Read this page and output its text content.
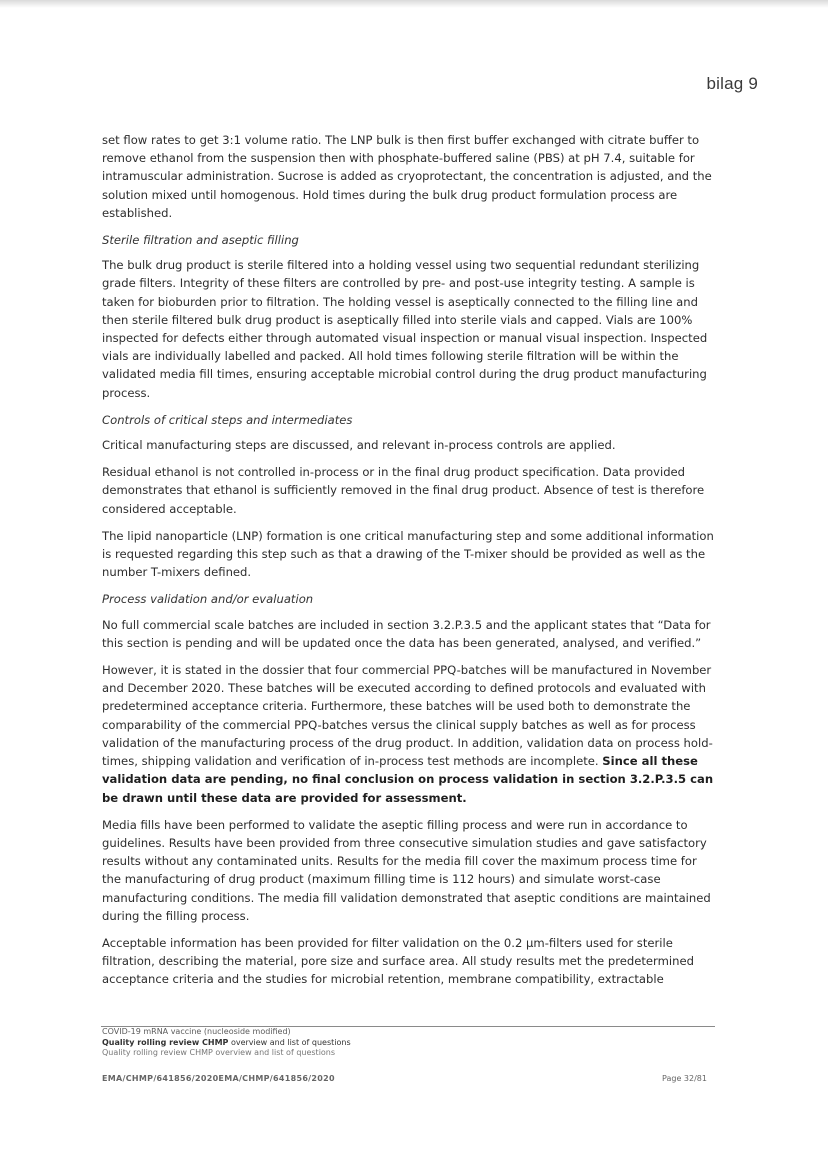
bilag 9

set flow rates to get 3:1 volume ratio. The LNP bulk is then first buffer exchanged with citrate buffer to remove ethanol from the suspension then with phosphate-buffered saline (PBS) at pH 7.4, suitable for intramuscular administration. Sucrose is added as cryoprotectant, the concentration is adjusted, and the solution mixed until homogenous. Hold times during the bulk drug product formulation process are established.

Sterile filtration and aseptic filling

The bulk drug product is sterile filtered into a holding vessel using two sequential redundant sterilizing grade filters. Integrity of these filters are controlled by pre- and post-use integrity testing. A sample is taken for bioburden prior to filtration. The holding vessel is aseptically connected to the filling line and then sterile filtered bulk drug product is aseptically filled into sterile vials and capped. Vials are 100% inspected for defects either through automated visual inspection or manual visual inspection. Inspected vials are individually labelled and packed. All hold times following sterile filtration will be within the validated media fill times, ensuring acceptable microbial control during the drug product manufacturing process.

Controls of critical steps and intermediates

Critical manufacturing steps are discussed, and relevant in-process controls are applied.

Residual ethanol is not controlled in-process or in the final drug product specification. Data provided demonstrates that ethanol is sufficiently removed in the final drug product. Absence of test is therefore considered acceptable.

The lipid nanoparticle (LNP) formation is one critical manufacturing step and some additional information is requested regarding this step such as that a drawing of the T-mixer should be provided as well as the number T-mixers defined.

Process validation and/or evaluation

No full commercial scale batches are included in section 3.2.P.3.5 and the applicant states that “Data for this section is pending and will be updated once the data has been generated, analysed, and verified.”

However, it is stated in the dossier that four commercial PPQ-batches will be manufactured in November and December 2020. These batches will be executed according to defined protocols and evaluated with predetermined acceptance criteria. Furthermore, these batches will be used both to demonstrate the comparability of the commercial PPQ-batches versus the clinical supply batches as well as for process validation of the manufacturing process of the drug product. In addition, validation data on process hold-times, shipping validation and verification of in-process test methods are incomplete. Since all these validation data are pending, no final conclusion on process validation in section 3.2.P.3.5 can be drawn until these data are provided for assessment.

Media fills have been performed to validate the aseptic filling process and were run in accordance to guidelines. Results have been provided from three consecutive simulation studies and gave satisfactory results without any contaminated units. Results for the media fill cover the maximum process time for the manufacturing of drug product (maximum filling time is 112 hours) and simulate worst-case manufacturing conditions. The media fill validation demonstrated that aseptic conditions are maintained during the filling process.

Acceptable information has been provided for filter validation on the 0.2 µm-filters used for sterile filtration, describing the material, pore size and surface area. All study results met the predetermined acceptance criteria and the studies for microbial retention, membrane compatibility, extractable

COVID-19 mRNA vaccine (nucleoside modified)
Quality rolling review CHMP overview and list of questions
Quality rolling review CHMP overview and list of questions
EMA/CHMP/641856/2020EMA/CHMP/641856/2020	Page 32/81
